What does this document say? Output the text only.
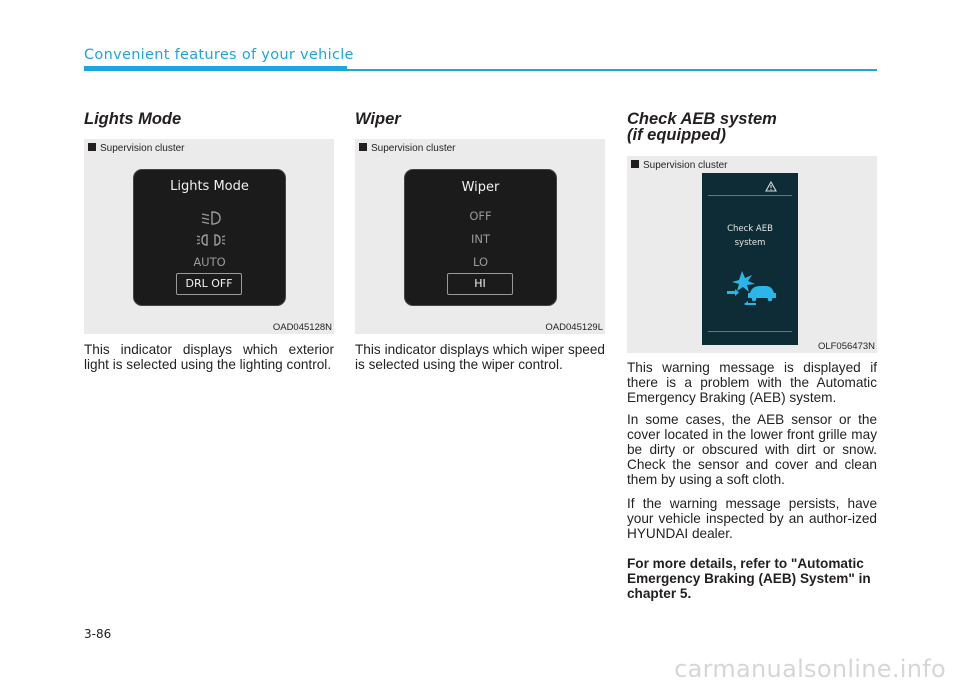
Convenient features of your vehicle
Lights Mode
Supervision cluster
Lights Mode
AUTO
DRL OFF
OAD045128N
This indicator displays which exterior light is selected using the lighting control.
Wiper
Supervision cluster
Wiper
OFF
INT
LO
HI
OAD045129L
This indicator displays which wiper speed is selected using the wiper control.
Check AEB system
(if equipped)
Supervision cluster
Check AEB
system
OLF056473N
This warning message is displayed if there is a problem with the Automatic Emergency Braking (AEB) system.
In some cases, the AEB sensor or the cover located in the lower front grille may be dirty or obscured with dirt or snow. Check the sensor and cover and clean them by using a soft cloth.
If the warning message persists, have your vehicle inspected by an author-ized HYUNDAI dealer.
For more details, refer to "Automatic Emergency Braking (AEB) System" in chapter 5.
3-86
carmanualsonline.info
